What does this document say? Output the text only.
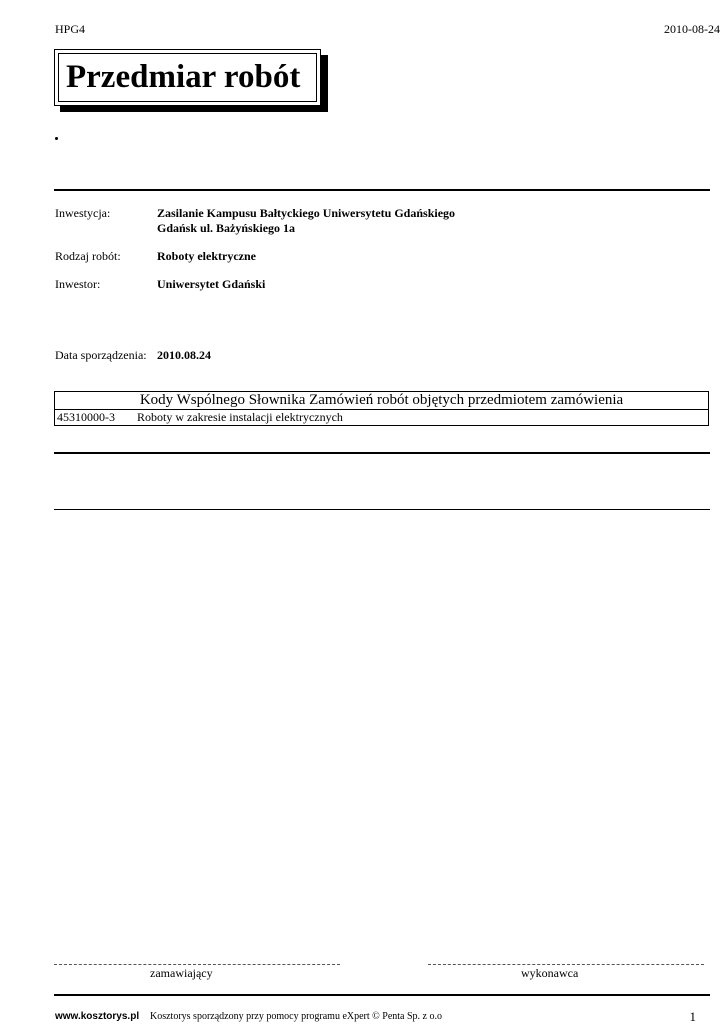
HPG4	2010-08-24
Przedmiar robót
Inwestycja:	Zasilanie Kampusu Bałtyckiego Uniwersytetu Gdańskiego
Gdańsk ul. Bażyńskiego 1a
Rodzaj robót:	Roboty elektryczne
Inwestor:	Uniwersytet Gdański
Data sporządzenia: 2010.08.24
Kody Wspólnego Słownika Zamówień robót objętych przedmiotem zamówienia
45310000-3 Roboty w zakresie instalacji elektrycznych
zamawiający	wykonawca
www.kosztorys.pl Kosztorys sporządzony przy pomocy programu eXpert © Penta Sp. z o.o	1
